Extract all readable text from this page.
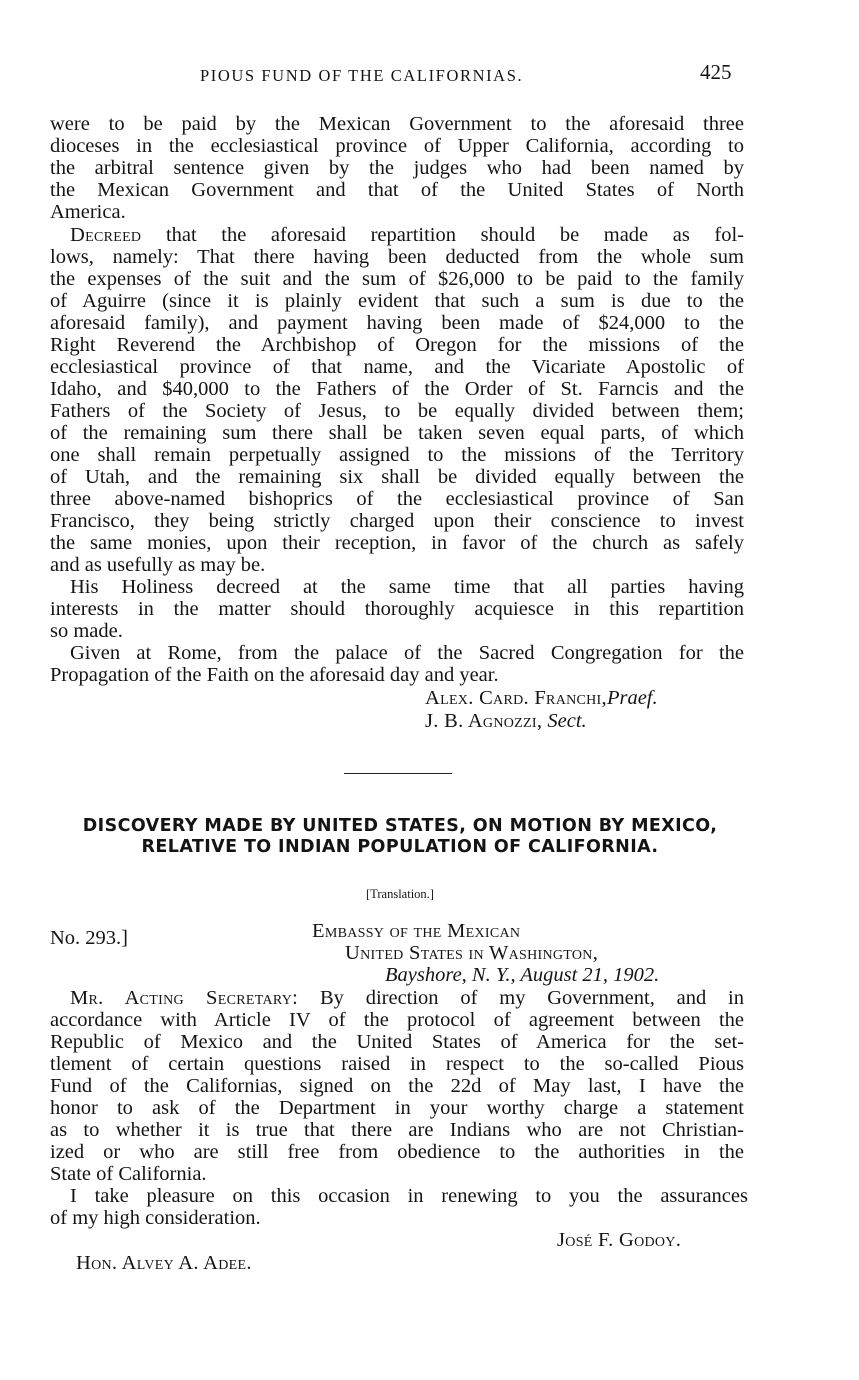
PIOUS FUND OF THE CALIFORNIAS.	425
were to be paid by the Mexican Government to the aforesaid three
dioceses in the ecclesiastical province of Upper California, according to
the arbitral sentence given by the judges who had been named by
the Mexican Government and that of the United States of North
America.
Decreed that the aforesaid repartition should be made as fol-
lows, namely: That there having been deducted from the whole sum
the expenses of the suit and the sum of $26,000 to be paid to the family
of Aguirre (since it is plainly evident that such a sum is due to the
aforesaid family), and payment having been made of $24,000 to the
Right Reverend the Archbishop of Oregon for the missions of the
ecclesiastical province of that name, and the Vicariate Apostolic of
Idaho, and $40,000 to the Fathers of the Order of St. Farncis and the
Fathers of the Society of Jesus, to be equally divided between them;
of the remaining sum there shall be taken seven equal parts, of which
one shall remain perpetually assigned to the missions of the Territory
of Utah, and the remaining six shall be divided equally between the
three above-named bishoprics of the ecclesiastical province of San
Francisco, they being strictly charged upon their conscience to invest
the same monies, upon their reception, in favor of the church as safely
and as usefully as may be.
His Holiness decreed at the same time that all parties having
interests in the matter should thoroughly acquiesce in this repartition
so made.
Given at Rome, from the palace of the Sacred Congregation for the
Propagation of the Faith on the aforesaid day and year.
Alex. Card. Franchi,Praef.
J. B. Agnozzi, Sect.
DISCOVERY MADE BY UNITED STATES, ON MOTION BY MEXICO,
RELATIVE TO INDIAN POPULATION OF CALIFORNIA.
[Translation.]
No. 293.]	Embassy of the Mexican
United States in Washington,
Bayshore, N. Y., August 21, 1902.
Mr. Acting Secretary: By direction of my Government, and in
accordance with Article IV of the protocol of agreement between the
Republic of Mexico and the United States of America for the set-
tlement of certain questions raised in respect to the so-called Pious
Fund of the Californias, signed on the 22d of May last, I have the
honor to ask of the Department in your worthy charge a statement
as to whether it is true that there are Indians who are not Christian-
ized or who are still free from obedience to the authorities in the
State of California.
I take pleasure on this occasion in renewing to you the assurances
of my high consideration.
José F. Godoy.
Hon. Alvey A. Adee.
